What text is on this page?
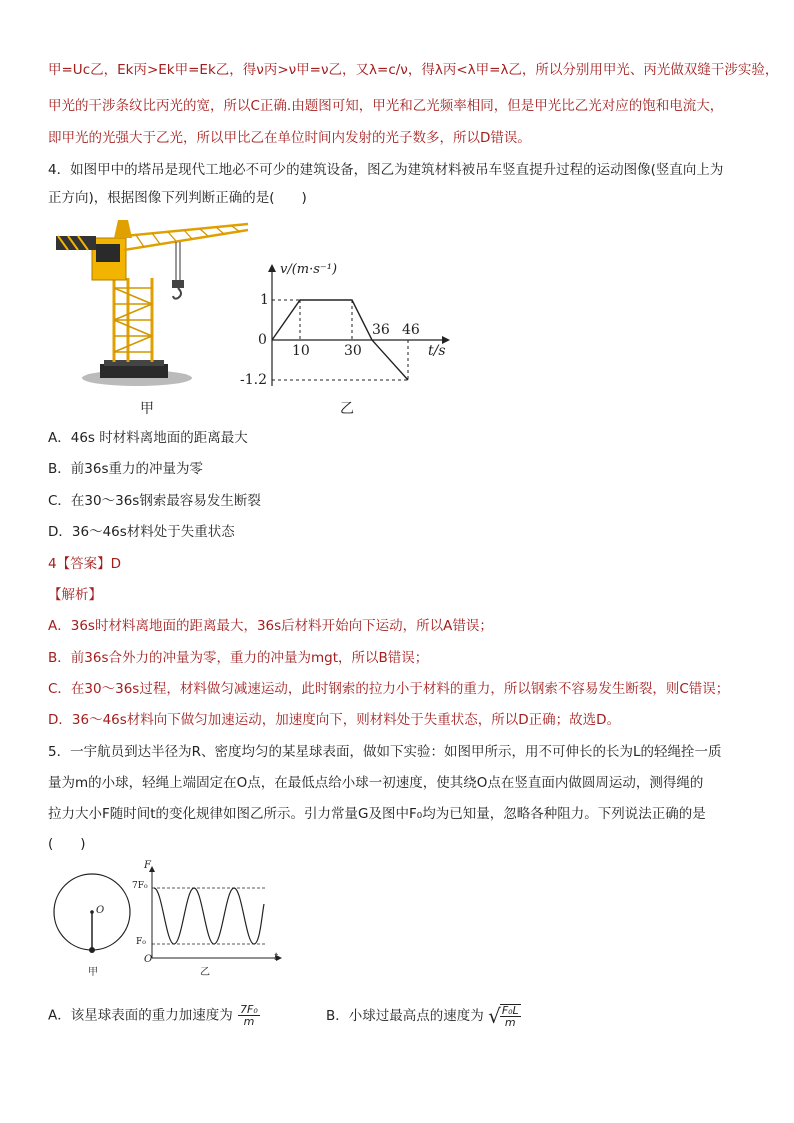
甲=Uc乙，Ek丙>Ek甲=Ek乙，得ν丙>ν甲=ν乙，又λ=c/ν，得λ丙<λ甲=λ乙，所以分别用甲光、丙光做双缝干涉实验，
甲光的干涉条纹比丙光的宽，所以C正确.由题图可知，甲光和乙光频率相同，但是甲光比乙光对应的饱和电流大，
即甲光的光强大于乙光，所以甲比乙在单位时间内发射的光子数多，所以D错误。
4．如图甲中的塔吊是现代工地必不可少的建筑设备，图乙为建筑材料被吊车竖直提升过程的运动图像(竖直向上为
正方向)，根据图像下列判断正确的是(　　)
甲
v/(m·s⁻¹)
1
0
-1.2
10 30
36 46
t/s
乙
A．46s 时材料离地面的距离最大
B．前36s重力的冲量为零
C．在30～36s钢索最容易发生断裂
D．36～46s材料处于失重状态
4【答案】D
【解析】
A．36s时材料离地面的距离最大，36s后材料开始向下运动，所以A错误；
B．前36s合外力的冲量为零，重力的冲量为mgt，所以B错误；
C．在30～36s过程，材料做匀减速运动，此时钢索的拉力小于材料的重力，所以钢索不容易发生断裂，则C错误；
D．36～46s材料向下做匀加速运动，加速度向下，则材料处于失重状态，所以D正确；故选D。
5．一宇航员到达半径为R、密度均匀的某星球表面，做如下实验：如图甲所示，用不可伸长的长为L的轻绳拴一质
量为m的小球，轻绳上端固定在O点，在最低点给小球一初速度，使其绕O点在竖直面内做圆周运动，测得绳的
拉力大小F随时间t的变化规律如图乙所示。引力常量G及图中F₀均为已知量，忽略各种阻力。下列说法正确的是
(　　)
O
甲
F
7F₀
F₀
O	t
乙
A．该星球表面的重力加速度为 $\frac{\text{7F₀}}{m}$	B．小球过最高点的速度为 √ $\frac{\text{F₀L}}{m}$
